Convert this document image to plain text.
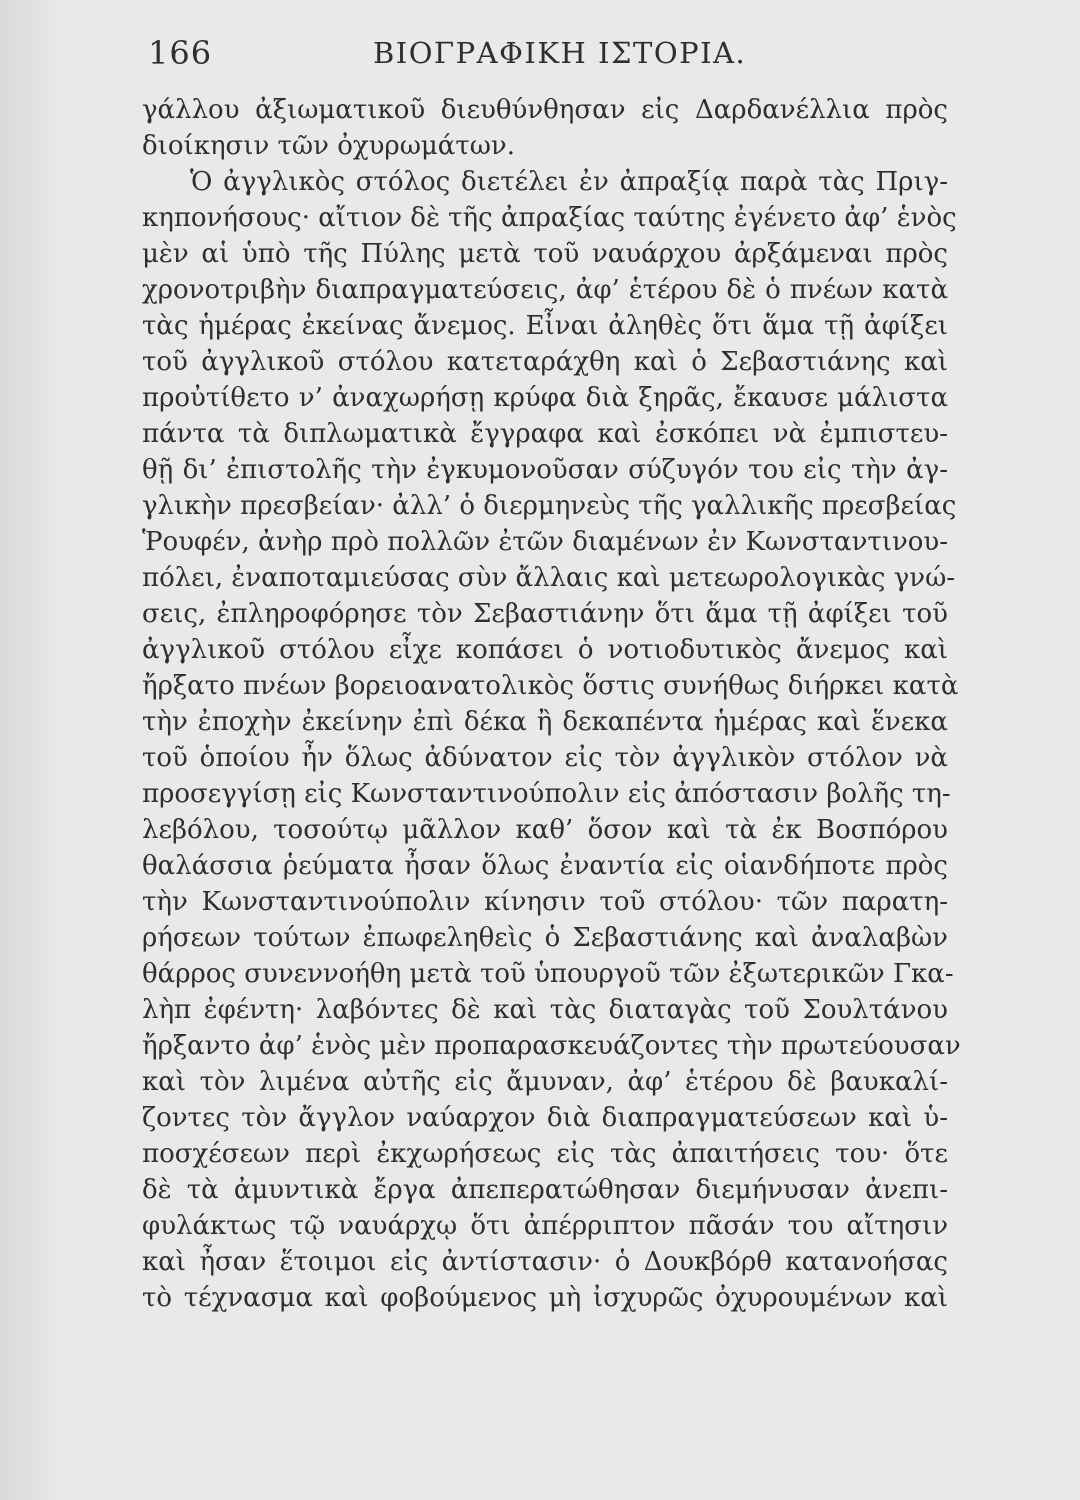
166	ΒΙΟΓΡΑΦΙΚΗ ΙΣΤΟΡΙΑ.
γάλλου ἀξιωματικοῦ διευθύνθησαν εἰς Δαρδανέλλια πρὸς
διοίκησιν τῶν ὀχυρωμάτων.
Ὁ ἀγγλικὸς στόλος διετέλει ἐν ἀπραξίᾳ παρὰ τὰς Πριγ-
κηπονήσους· αἴτιον δὲ τῆς ἀπραξίας ταύτης ἐγένετο ἀφ’ ἑνὸς
μὲν αἱ ὑπὸ τῆς Πύλης μετὰ τοῦ ναυάρχου ἀρξάμεναι πρὸς
χρονοτριβὴν διαπραγματεύσεις, ἀφ’ ἑτέρου δὲ ὁ πνέων κατὰ
τὰς ἡμέρας ἐκείνας ἄνεμος. Εἶναι ἀληθὲς ὅτι ἅμα τῇ ἀφίξει
τοῦ ἀγγλικοῦ στόλου κατεταράχθη καὶ ὁ Σεβαστιάνης καὶ
προὐτίθετο ν’ ἀναχωρήσῃ κρύφα διὰ ξηρᾶς, ἔκαυσε μάλιστα
πάντα τὰ διπλωματικὰ ἔγγραφα καὶ ἐσκόπει νὰ ἐμπιστευ-
θῇ δι’ ἐπιστολῆς τὴν ἐγκυμονοῦσαν σύζυγόν του εἰς τὴν ἀγ-
γλικὴν πρεσβείαν· ἀλλ’ ὁ διερμηνεὺς τῆς γαλλικῆς πρεσβείας
Ῥουφέν, ἀνὴρ πρὸ πολλῶν ἐτῶν διαμένων ἐν Κωνσταντινου-
πόλει, ἐναποταμιεύσας σὺν ἄλλαις καὶ μετεωρολογικὰς γνώ-
σεις, ἐπληροφόρησε τὸν Σεβαστιάνην ὅτι ἅμα τῇ ἀφίξει τοῦ
ἀγγλικοῦ στόλου εἶχε κοπάσει ὁ νοτιοδυτικὸς ἄνεμος καὶ
ἤρξατο πνέων βορειοανατολικὸς ὅστις συνήθως διήρκει κατὰ
τὴν ἐποχὴν ἐκείνην ἐπὶ δέκα ἢ δεκαπέντα ἡμέρας καὶ ἕνεκα
τοῦ ὁποίου ἦν ὅλως ἀδύνατον εἰς τὸν ἀγγλικὸν στόλον νὰ
προσεγγίσῃ εἰς Κωνσταντινούπολιν εἰς ἀπόστασιν βολῆς τη-
λεβόλου, τοσούτῳ μᾶλλον καθ’ ὅσον καὶ τὰ ἐκ Βοσπόρου
θαλάσσια ῥεύματα ἦσαν ὅλως ἐναντία εἰς οἱανδήποτε πρὸς
τὴν Κωνσταντινούπολιν κίνησιν τοῦ στόλου· τῶν παρατη-
ρήσεων τούτων ἐπωφεληθεὶς ὁ Σεβαστιάνης καὶ ἀναλαβὼν
θάρρος συνεννοήθη μετὰ τοῦ ὑπουργοῦ τῶν ἐξωτερικῶν Γκα-
λὴπ ἐφέντη· λαβόντες δὲ καὶ τὰς διαταγὰς τοῦ Σουλτάνου
ἤρξαντο ἀφ’ ἑνὸς μὲν προπαρασκευάζοντες τὴν πρωτεύουσαν
καὶ τὸν λιμένα αὐτῆς εἰς ἄμυναν, ἀφ’ ἑτέρου δὲ βαυκαλί-
ζοντες τὸν ἄγγλον ναύαρχον διὰ διαπραγματεύσεων καὶ ὑ-
ποσχέσεων περὶ ἐκχωρήσεως εἰς τὰς ἀπαιτήσεις του· ὅτε
δὲ τὰ ἀμυντικὰ ἔργα ἀπεπερατώθησαν διεμήνυσαν ἀνεπι-
φυλάκτως τῷ ναυάρχῳ ὅτι ἀπέρριπτον πᾶσάν του αἴτησιν
καὶ ἦσαν ἕτοιμοι εἰς ἀντίστασιν· ὁ Δουκβόρθ κατανοήσας
τὸ τέχνασμα καὶ φοβούμενος μὴ ἰσχυρῶς ὀχυρουμένων καὶ
